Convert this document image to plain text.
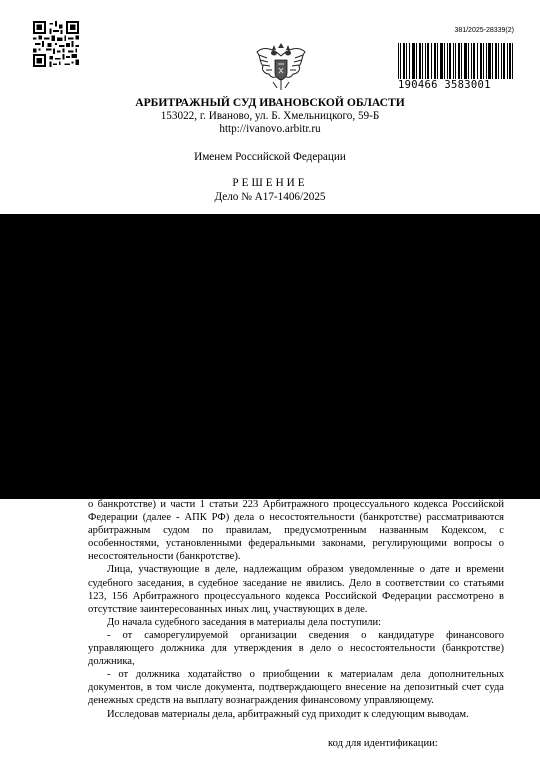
381/2025-28339(2)
190466 3583001
АРБИТРАЖНЫЙ СУД ИВАНОВСКОЙ ОБЛАСТИ
153022, г. Иваново, ул. Б. Хмельницкого, 59-Б
http://ivanovo.arbitr.ru
Именем Российской Федерации
РЕШЕНИЕ
Дело № А17-1406/2025

о банкротстве) и части 1 статьи 223 Арбитражного процессуального кодекса Российской Федерации (далее - АПК РФ) дела о несостоятельности (банкротстве) рассматриваются арбитражным судом по правилам, предусмотренным названным Кодексом, с особенностями, установленными федеральными законами, регулирующими вопросы о несостоятельности (банкротстве).

Лица, участвующие в деле, надлежащим образом уведомленные о дате и времени судебного заседания, в судебное заседание не явились. Дело в соответствии со статьями 123, 156 Арбитражного процессуального кодекса Российской Федерации рассмотрено в отсутствие заинтересованных иных лиц, участвующих в деле.

До начала судебного заседания в материалы дела поступили:

- от саморегулируемой организации сведения о кандидатуре финансового управляющего должника для утверждения в дело о несостоятельности (банкротстве) должника,

- от должника ходатайство о приобщении к материалам дела дополнительных документов, в том числе документа, подтверждающего внесение на депозитный счет суда денежных средств на выплату вознаграждения финансовому управляющему.

Исследовав материалы дела, арбитражный суд приходит к следующим выводам.

код для идентификации:
